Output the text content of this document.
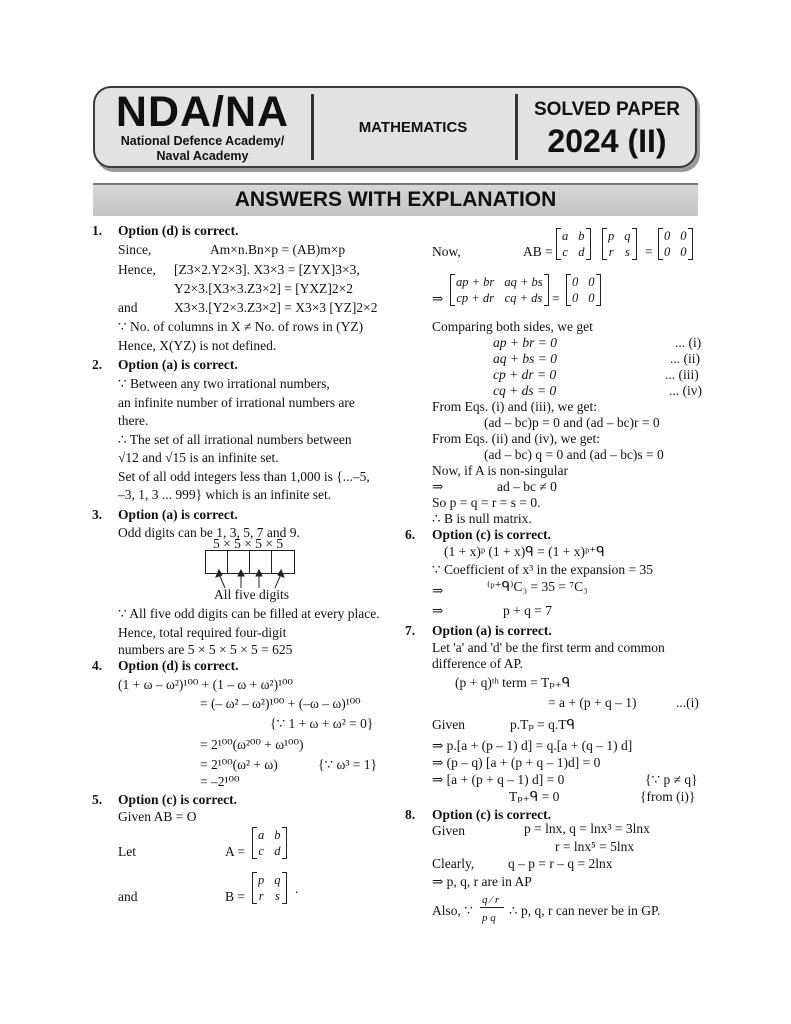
NDA/NA
National Defence Academy/
Naval Academy
MATHEMATICS
SOLVED PAPER
2024 (II)
ANSWERS WITH EXPLANATION
1. Option (d) is correct.
Since,	Am×n.Bn×p = (AB)m×p
Hence, [Z3×2.Y2×3]. X3×3 = [ZYX]3×3,
Y2×3.[X3×3.Z3×2] = [YXZ]2×2
and	X3×3.[Y2×3.Z3×2] = X3×3 [YZ]2×2
∵ No. of columns in X ≠ No. of rows in (YZ)
Hence, X(YZ) is not defined.
2. Option (a) is correct.
∵ Between any two irrational numbers,
an infinite number of irrational numbers are
there.
∴ The set of all irrational numbers between
√12 and √15 is an infinite set.
Set of all odd integers less than 1,000 is {...–5,
–3, 1, 3 ... 999} which is an infinite set.
3. Option (a) is correct.
Odd digits can be 1, 3, 5, 7 and 9.
5 × 5 × 5 × 5
All five digits
∵ All five odd digits can be filled at every place.
Hence, total required four-digit
numbers are 5 × 5 × 5 × 5 = 625
4. Option (d) is correct.
(1 + ω – ω²)¹⁰⁰ + (1 – ω + ω²)¹⁰⁰
= (– ω² – ω²)¹⁰⁰ + (–ω – ω)¹⁰⁰
{∵ 1 + ω + ω² = 0}
= 2¹⁰⁰(ω²⁰⁰ + ω¹⁰⁰)
= 2¹⁰⁰(ω² + ω)	{∵ ω³ = 1}
= –2¹⁰⁰
5. Option (c) is correct.
Given AB = O
Let	A =
a	b
c	d
and	B =
p	q
r	s .
Now,	AB =
a	b
c	d
p	q
r	s =
0	0
0	0
⇒
ap + br	aq + bs
cp + dr	cq + ds =
0	0
0	0
Comparing both sides, we get
ap + br = 0	... (i)
aq + bs = 0	... (ii)
cp + dr = 0	... (iii)
cq + ds = 0	... (iv)
From Eqs. (i) and (iii), we get:
(ad – bc)p = 0 and (ad – bc)r = 0
From Eqs. (ii) and (iv), we get:
(ad – bc) q = 0 and (ad – bc)s = 0
Now, if A is non-singular
⇒	ad – bc ≠ 0
So p = q = r = s = 0.
∴ B is null matrix.
6. Option (c) is correct.
(1 + x)ᵖ (1 + x)ᑫ = (1 + x)ᵖ⁺ᑫ
∵ Coefficient of x³ in the expansion = 35
⇒	⁽ᵖ⁺ᑫ⁾C₃ = 35 = ⁷C₃
⇒	p + q = 7
7. Option (a) is correct.
Let 'a' and 'd' be the first term and common
difference of AP.
(p + q)ᵗʰ term = Tₚ₊ᑫ
= a + (p + q – 1)	...(i)
Given	p.Tₚ = q.Tᑫ
⇒ p.[a + (p – 1) d] = q.[a + (q – 1) d]
⇒ (p – q) [a + (p + q – 1)d] = 0
⇒ [a + (p + q – 1) d] = 0	{∵ p ≠ q}
Tₚ₊ᑫ = 0	{from (i)}
8. Option (c) is correct.
Given	p = lnx, q = lnx³ = 3lnx
r = lnx⁵ = 5lnx
Clearly,	q – p = r – q = 2lnx
⇒ p, q, r are in AP
Also, ∵
q ⁄ r
p q ∴ p, q, r can never be in GP.
